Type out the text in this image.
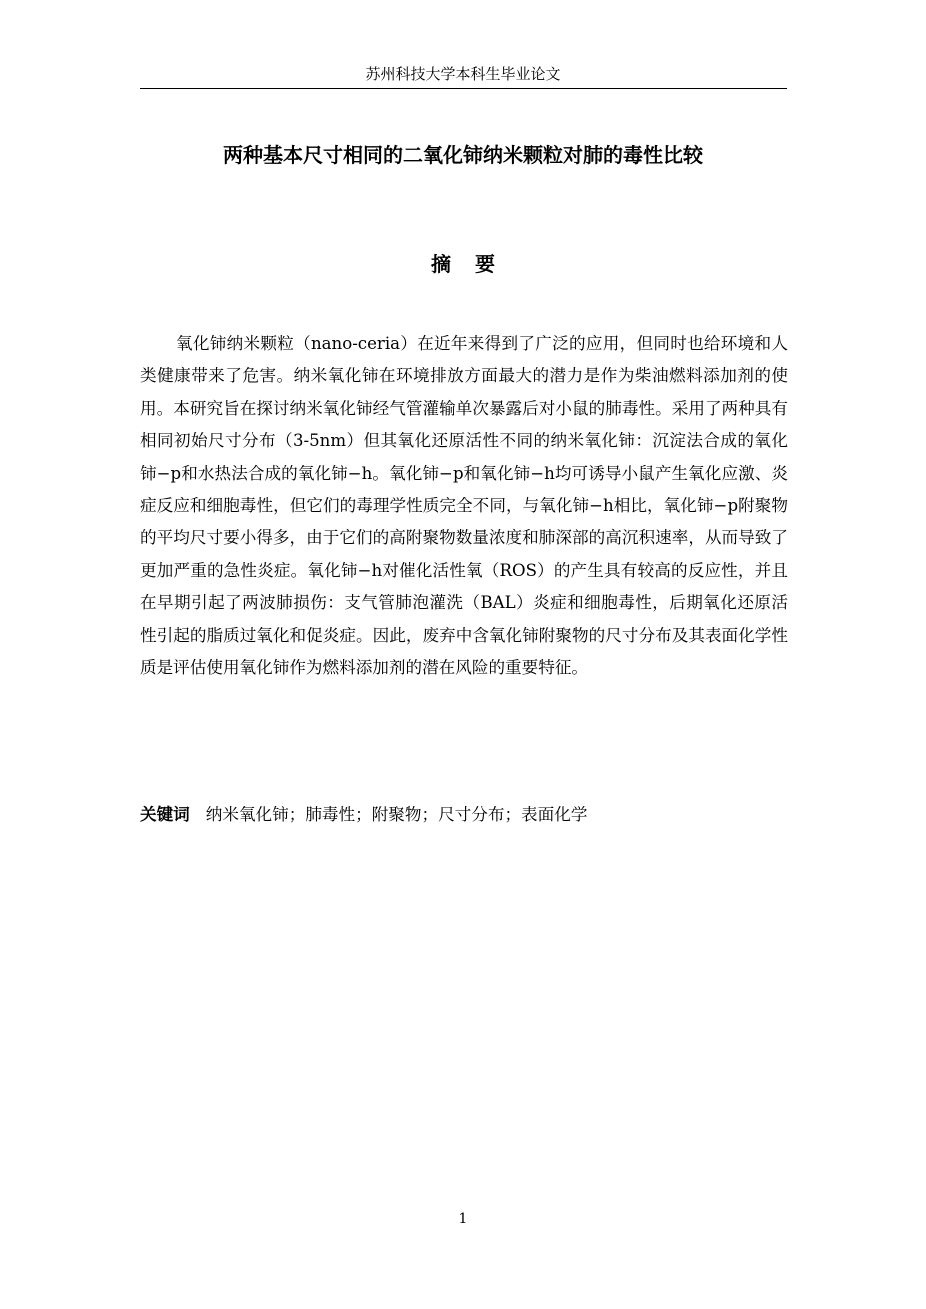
苏州科技大学本科生毕业论文
两种基本尺寸相同的二氧化铈纳米颗粒对肺的毒性比较
摘要

氧化铈纳米颗粒（nano-ceria）在近年来得到了广泛的应用，但同时也给环境和人类健康带来了危害。纳米氧化铈在环境排放方面最大的潜力是作为柴油燃料添加剂的使用。本研究旨在探讨纳米氧化铈经气管灌输单次暴露后对小鼠的肺毒性。采用了两种具有相同初始尺寸分布（3-5nm）但其氧化还原活性不同的纳米氧化铈：沉淀法合成的氧化铈−p和水热法合成的氧化铈−h。氧化铈−p和氧化铈−h均可诱导小鼠产生氧化应激、炎症反应和细胞毒性，但它们的毒理学性质完全不同，与氧化铈−h相比，氧化铈−p附聚物的平均尺寸要小得多，由于它们的高附聚物数量浓度和肺深部的高沉积速率，从而导致了更加严重的急性炎症。氧化铈−h对催化活性氧（ROS）的产生具有较高的反应性，并且在早期引起了两波肺损伤：支气管肺泡灌洗（BAL）炎症和细胞毒性，后期氧化还原活性引起的脂质过氧化和促炎症。因此，废弃中含氧化铈附聚物的尺寸分布及其表面化学性质是评估使用氧化铈作为燃料添加剂的潜在风险的重要特征。

关键词 纳米氧化铈；肺毒性；附聚物；尺寸分布；表面化学
1
